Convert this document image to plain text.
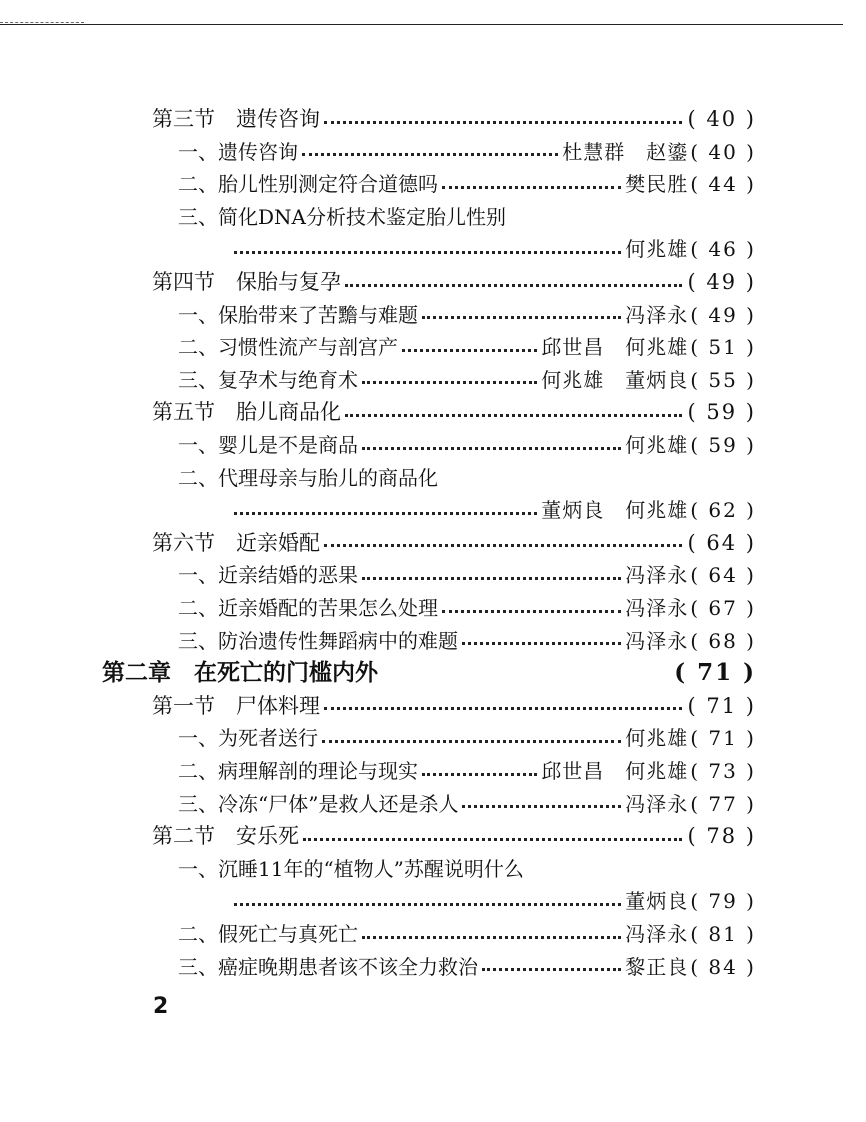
第三节　遗传咨询	( 40 )
一、遗传咨询	杜慧群　赵鎏 ( 40 )
二、胎儿性别测定符合道德吗	樊民胜 ( 44 )
三、简化DNA分析技术鉴定胎儿性别
何兆雄 ( 46 )
第四节　保胎与复孕	( 49 )
一、保胎带来了苦黵与难题	冯泽永 ( 49 )
二、习惯性流产与剖宫产	邱世昌　何兆雄 ( 51 )
三、复孕术与绝育术	何兆雄　董炳良 ( 55 )
第五节　胎儿商品化	( 59 )
一、婴儿是不是商品	何兆雄 ( 59 )
二、代理母亲与胎儿的商品化
董炳良　何兆雄 ( 62 )
第六节　近亲婚配	( 64 )
一、近亲结婚的恶果	冯泽永 ( 64 )
二、近亲婚配的苦果怎么处理	冯泽永 ( 67 )
三、防治遗传性舞蹈病中的难题	冯泽永 ( 68 )
第二章　在死亡的门槛内外	( 71 )
第一节　尸体料理	( 71 )
一、为死者送行	何兆雄 ( 71 )
二、病理解剖的理论与现实	邱世昌　何兆雄 ( 73 )
三、冷冻“尸体”是救人还是杀人	冯泽永 ( 77 )
第二节　安乐死	( 78 )
一、沉睡11年的“植物人”苏醒说明什么
董炳良 ( 79 )
二、假死亡与真死亡	冯泽永 ( 81 )
三、癌症晚期患者该不该全力救治	黎正良 ( 84 )
2
